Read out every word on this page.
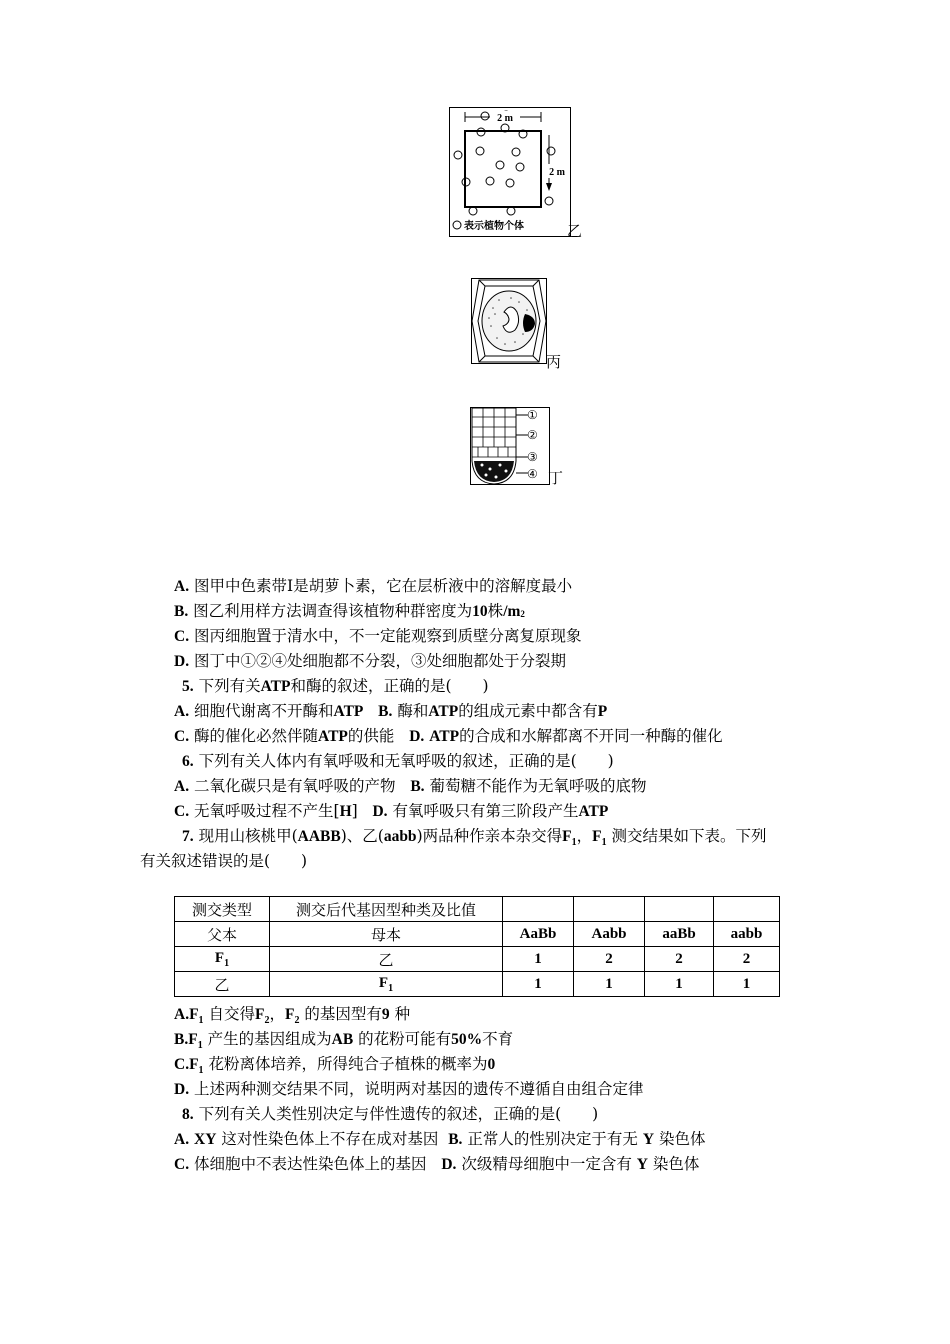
2 m
2 m
表示植物个体	乙
丙
①
②
③
④ 丁
A. 图甲中色素带Ⅰ是胡萝卜素，它在层析液中的溶解度最小
B. 图乙利用样方法调查得该植物种群密度为10株/m2
C. 图丙细胞置于清水中，不一定能观察到质壁分离复原现象
D. 图丁中①②④处细胞都不分裂，③处细胞都处于分裂期
5. 下列有关ATP和酶的叙述，正确的是(　　)
A. 细胞代谢离不开酶和ATP B. 酶和ATP的组成元素中都含有P
C. 酶的催化必然伴随ATP的供能 D. ATP的合成和水解都离不开同一种酶的催化
6. 下列有关人体内有氧呼吸和无氧呼吸的叙述，正确的是(　　)
A. 二氧化碳只是有氧呼吸的产物 B. 葡萄糖不能作为无氧呼吸的底物
C. 无氧呼吸过程不产生[H] D. 有氧呼吸只有第三阶段产生ATP
7. 现用山核桃甲(AABB)、乙(aabb)两品种作亲本杂交得$F_1$，$F_1$ 测交结果如下表。下列
有关叙述错误的是(　　)
测交类型	测交后代基因型种类及比值				
父本	母本	AaBb	Aabb	aaBb	aabb
$F_1$	乙	1	2	2	2
乙	$F_1$	1	1	1	1
$A.F_1$ 自交得$F_2$，$F_2$ 的基因型有9 种
$B.F_1$ 产生的基因组成为AB 的花粉可能有50%不育
$C.F_1$ 花粉离体培养，所得纯合子植株的概率为0
D. 上述两种测交结果不同，说明两对基因的遗传不遵循自由组合定律
8. 下列有关人类性别决定与伴性遗传的叙述，正确的是(　　)
A. XY 这对性染色体上不存在成对基因 B. 正常人的性别决定于有无 Y 染色体
C. 体细胞中不表达性染色体上的基因 D. 次级精母细胞中一定含有 Y 染色体
